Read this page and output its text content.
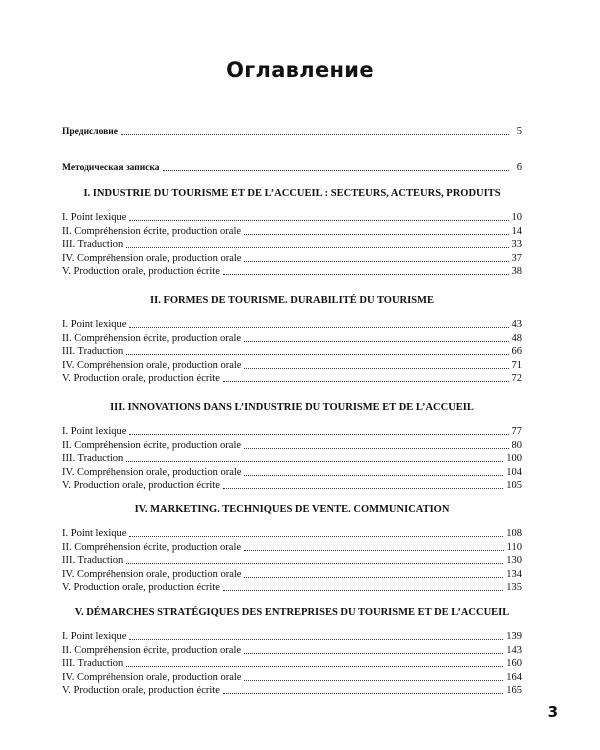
Оглавление
Предисловие	5
Методическая записка	6
I. INDUSTRIE DU TOURISME ET DE L’ACCUEIL : SECTEURS, ACTEURS, PRODUITS
I. Point lexique	10
II. Compréhension écrite, production orale	14
III. Traduction	33
IV. Compréhension orale, production orale	37
V. Production orale, production écrite	38
II. FORMES DE TOURISME. DURABILITÉ DU TOURISME
I. Point lexique	43
II. Compréhension écrite, production orale	48
III. Traduction	66
IV. Compréhension orale, production orale	71
V. Production orale, production écrite	72
III. INNOVATIONS DANS L’INDUSTRIE DU TOURISME ET DE L’ACCUEIL
I. Point lexique	77
II. Compréhension écrite, production orale	80
III. Traduction	100
IV. Compréhension orale, production orale	104
V. Production orale, production écrite	105
IV. MARKETING. TECHNIQUES DE VENTE. COMMUNICATION
I. Point lexique	108
II. Compréhension écrite, production orale	110
III. Traduction	130
IV. Compréhension orale, production orale	134
V. Production orale, production écrite	135
V. DÉMARCHES STRATÉGIQUES DES ENTREPRISES DU TOURISME ET DE L’ACCUEIL
I. Point lexique	139
II. Compréhension écrite, production orale	143
III. Traduction	160
IV. Compréhension orale, production orale	164
V. Production orale, production écrite	165
3
